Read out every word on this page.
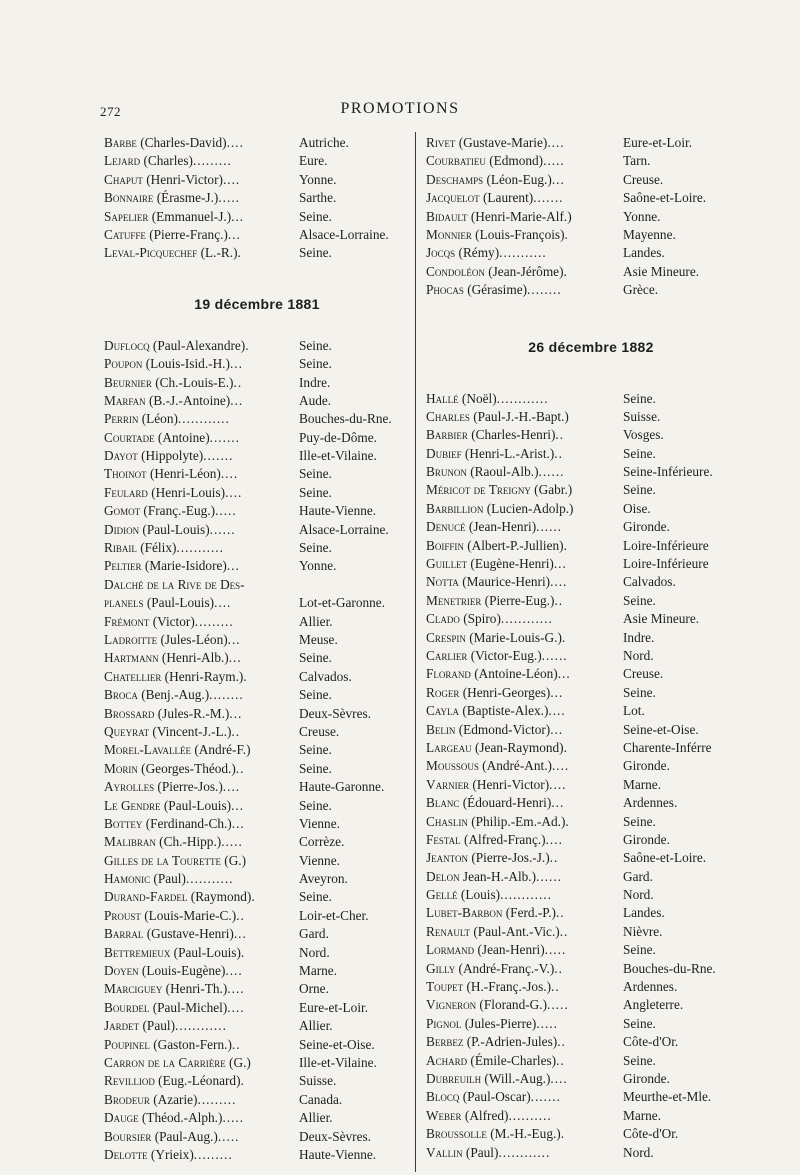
272	PROMOTIONS
Barbe (Charles-David)....	Autriche.
Lejard (Charles).........	Eure.
Chaput (Henri-Victor)....	Yonne.
Bonnaire (Érasme-J.).....	Sarthe.
Sapelier (Emmanuel-J.)...	Seine.
Catuffe (Pierre-Franç.)...	Alsace-Lorraine.
Leval-Picquechef (L.-R.).	Seine.
19 décembre 1881
Duflocq (Paul-Alexandre).	Seine.
Poupon (Louis-Isid.-H.)...	Seine.
Beurnier (Ch.-Louis-E.)..	Indre.
Marfan (B.-J.-Antoine)...	Aude.
Perrin (Léon)............	Bouches-du-Rne.
Courtade (Antoine).......	Puy-de-Dôme.
Dayot (Hippolyte).......	Ille-et-Vilaine.
Thoinot (Henri-Léon)....	Seine.
Feulard (Henri-Louis)....	Seine.
Gomot (Franç.-Eug.).....	Haute-Vienne.
Didion (Paul-Louis)......	Alsace-Lorraine.
Ribail (Félix)...........	Seine.
Peltier (Marie-Isidore)...	Yonne.
Dalché de la Rive de Des-
planels (Paul-Louis)....	Lot-et-Garonne.
Frémont (Victor).........	Allier.
Ladroitte (Jules-Léon)...	Meuse.
Hartmann (Henri-Alb.)...	Seine.
Chatellier (Henri-Raym.).	Calvados.
Broca (Benj.-Aug.)........	Seine.
Brossard (Jules-R.-M.)...	Deux-Sèvres.
Queyrat (Vincent-J.-L.)..	Creuse.
Morel-Lavallée (André-F.)	Seine.
Morin (Georges-Théod.)..	Seine.
Ayrolles (Pierre-Jos.)....	Haute-Garonne.
Le Gendre (Paul-Louis)...	Seine.
Bottey (Ferdinand-Ch.)...	Vienne.
Malibran (Ch.-Hipp.).....	Corrèze.
Gilles de la Tourette (G.)	Vienne.
Hamonic (Paul)...........	Aveyron.
Durand-Fardel (Raymond).	Seine.
Proust (Louis-Marie-C.)..	Loir-et-Cher.
Barral (Gustave-Henri)...	Gard.
Bettremieux (Paul-Louis).	Nord.
Doyen (Louis-Eugène)....	Marne.
Marciguey (Henri-Th.)....	Orne.
Bourdel (Paul-Michel)....	Eure-et-Loir.
Jardet (Paul)............	Allier.
Poupinel (Gaston-Fern.)..	Seine-et-Oise.
Carron de la Carrière (G.)	Ille-et-Vilaine.
Revilliod (Eug.-Léonard).	Suisse.
Brodeur (Azarie).........	Canada.
Dauge (Théod.-Alph.).....	Allier.
Boursier (Paul-Aug.).....	Deux-Sèvres.
Delotte (Yrieix).........	Haute-Vienne.
Rivet (Gustave-Marie)....	Eure-et-Loir.
Courbatieu (Edmond).....	Tarn.
Deschamps (Léon-Eug.)...	Creuse.
Jacquelot (Laurent).......	Saône-et-Loire.
Bidault (Henri-Marie-Alf.)	Yonne.
Monnier (Louis-François).	Mayenne.
Jocqs (Rémy)...........	Landes.
Condoléon (Jean-Jérôme).	Asie Mineure.
Phocas (Gérasime)........	Grèce.
26 décembre 1882
Hallé (Noël)............	Seine.
Charles (Paul-J.-H.-Bapt.)	Suisse.
Barbier (Charles-Henri)..	Vosges.
Dubief (Henri-L.-Arist.)..	Seine.
Brunon (Raoul-Alb.)......	Seine-Inférieure.
Méricot de Treigny (Gabr.)	Seine.
Barbillion (Lucien-Adolp.)	Oise.
Denucé (Jean-Henri)......	Gironde.
Boiffin (Albert-P.-Jullien).	Loire-Inférieure
Guillet (Eugène-Henri)...	Loire-Inférieure
Notta (Maurice-Henri)....	Calvados.
Menetrier (Pierre-Eug.)..	Seine.
Clado (Spiro)............	Asie Mineure.
Crespin (Marie-Louis-G.).	Indre.
Carlier (Victor-Eug.)......	Nord.
Florand (Antoine-Léon)...	Creuse.
Roger (Henri-Georges)...	Seine.
Cayla (Baptiste-Alex.)....	Lot.
Belin (Edmond-Victor)...	Seine-et-Oise.
Largeau (Jean-Raymond).	Charente-Inférre
Moussous (André-Ant.)....	Gironde.
Varnier (Henri-Victor)....	Marne.
Blanc (Édouard-Henri)...	Ardennes.
Chaslin (Philip.-Em.-Ad.).	Seine.
Festal (Alfred-Franç.)....	Gironde.
Jeanton (Pierre-Jos.-J.)..	Saône-et-Loire.
Delon Jean-H.-Alb.)......	Gard.
Gellé (Louis)............	Nord.
Lubet-Barbon (Ferd.-P.)..	Landes.
Renault (Paul-Ant.-Vic.)..	Nièvre.
Lormand (Jean-Henri).....	Seine.
Gilly (André-Franç.-V.)..	Bouches-du-Rne.
Toupet (H.-Franç.-Jos.)..	Ardennes.
Vigneron (Florand-G.).....	Angleterre.
Pignol (Jules-Pierre).....	Seine.
Berbez (P.-Adrien-Jules)..	Côte-d'Or.
Achard (Émile-Charles)..	Seine.
Dubreuilh (Will.-Aug.)....	Gironde.
Blocq (Paul-Oscar).......	Meurthe-et-Mle.
Weber (Alfred)..........	Marne.
Broussolle (M.-H.-Eug.).	Côte-d'Or.
Vallin (Paul)............	Nord.
